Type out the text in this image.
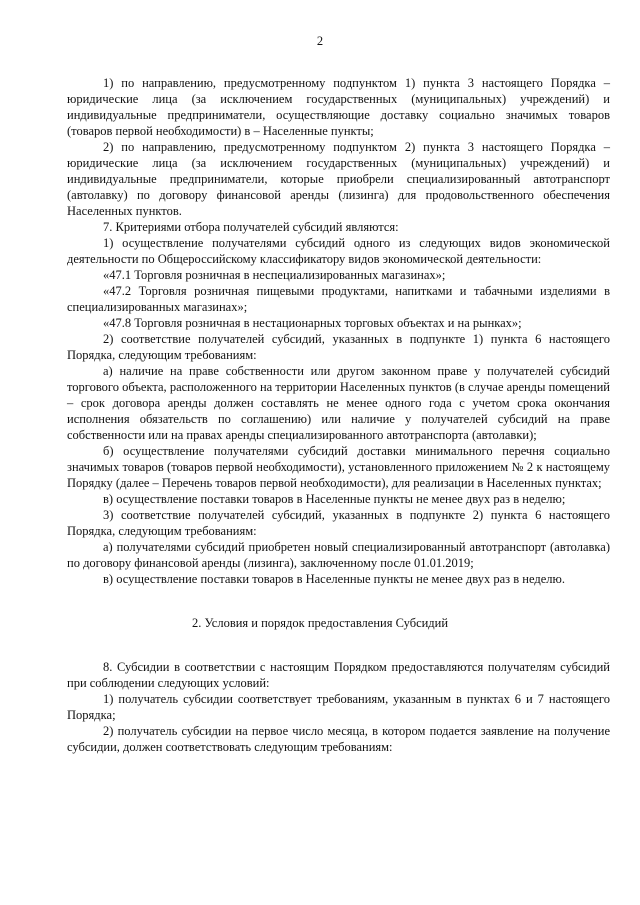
2

1) по направлению, предусмотренному подпунктом 1) пункта 3 настоящего Порядка – юридические лица (за исключением государственных (муниципальных) учреждений) и индивидуальные предприниматели, осуществляющие доставку социально значимых товаров (товаров первой необходимости) в – Населенные пункты;

2) по направлению, предусмотренному подпунктом 2) пункта 3 настоящего Порядка – юридические лица (за исключением государственных (муниципальных) учреждений) и индивидуальные предприниматели, которые приобрели специализированный автотранспорт (автолавку) по договору финансовой аренды (лизинга) для продовольственного обеспечения Населенных пунктов.

7. Критериями отбора получателей субсидий являются:

1) осуществление получателями субсидий одного из следующих видов экономической деятельности по Общероссийскому классификатору видов экономической деятельности:

«47.1 Торговля розничная в неспециализированных магазинах»;

«47.2 Торговля розничная пищевыми продуктами, напитками и табачными изделиями в специализированных магазинах»;

«47.8 Торговля розничная в нестационарных торговых объектах и на рынках»;

2) соответствие получателей субсидий, указанных в подпункте 1) пункта 6 настоящего Порядка, следующим требованиям:

а) наличие на праве собственности или другом законном праве у получателей субсидий торгового объекта, расположенного на территории Населенных пунктов (в случае аренды помещений – срок договора аренды должен составлять не менее одного года с учетом срока окончания исполнения обязательств по соглашению) или наличие у получателей субсидий на праве собственности или на правах аренды специализированного автотранспорта (автолавки);

б) осуществление получателями субсидий доставки минимального перечня социально значимых товаров (товаров первой необходимости), установленного приложением № 2 к настоящему Порядку (далее – Перечень товаров первой необходимости), для реализации в Населенных пунктах;

в) осуществление поставки товаров в Населенные пункты не менее двух раз в неделю;

3) соответствие получателей субсидий, указанных в подпункте 2) пункта 6 настоящего Порядка, следующим требованиям:

а) получателями субсидий приобретен новый специализированный автотранспорт (автолавка) по договору финансовой аренды (лизинга), заключенному после 01.01.2019;

в) осуществление поставки товаров в Населенные пункты не менее двух раз в неделю.

2. Условия и порядок предоставления Субсидий

8. Субсидии в соответствии с настоящим Порядком предоставляются получателям субсидий при соблюдении следующих условий:

1) получатель субсидии соответствует требованиям, указанным в пунктах 6 и 7 настоящего Порядка;

2) получатель субсидии на первое число месяца, в котором подается заявление на получение субсидии, должен соответствовать следующим требованиям:
